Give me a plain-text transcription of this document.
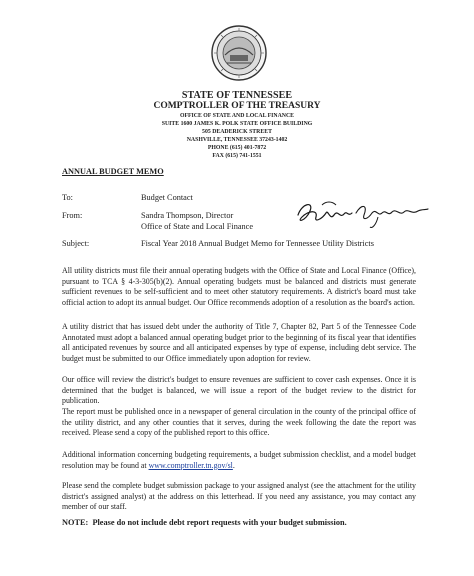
STATE OF TENNESSEE
COMPTROLLER OF THE TREASURY
OFFICE OF STATE AND LOCAL FINANCE
SUITE 1600 JAMES K. POLK STATE OFFICE BUILDING
505 DEADERICK STREET
NASHVILLE, TENNESSEE 37243-1402
PHONE (615) 401-7872
FAX (615) 741-1551
ANNUAL BUDGET MEMO
To:	Budget Contact
From:	Sandra Thompson, Director
Office of State and Local Finance
Subject:	Fiscal Year 2018 Annual Budget Memo for Tennessee Utility Districts
All utility districts must file their annual operating budgets with the Office of State and Local Finance (Office), pursuant to TCA § 4-3-305(b)(2). Annual operating budgets must be balanced and districts must generate sufficient revenues to be self-sufficient and to meet other statutory requirements. A district's board must take official action to adopt its annual budget. Our Office recommends adoption of a resolution as the board's action.
A utility district that has issued debt under the authority of Title 7, Chapter 82, Part 5 of the Tennessee Code Annotated must adopt a balanced annual operating budget prior to the beginning of its fiscal year that identifies all anticipated revenues by source and all anticipated expenses by type of expense, including debt service. The budget must be submitted to our Office immediately upon adoption for review.
Our office will review the district's budget to ensure revenues are sufficient to cover cash expenses. Once it is determined that the budget is balanced, we will issue a report of the budget review to the district for publication.
The report must be published once in a newspaper of general circulation in the county of the principal office of the utility district, and any other counties that it serves, during the week following the date the report was received. Please send a copy of the published report to this office.
Additional information concerning budgeting requirements, a budget submission checklist, and a model budget resolution may be found at www.comptroller.tn.gov/sl.
Please send the complete budget submission package to your assigned analyst (see the attachment for the utility district's assigned analyst) at the address on this letterhead. If you need any assistance, you may contact any member of our staff.
NOTE: Please do not include debt report requests with your budget submission.
